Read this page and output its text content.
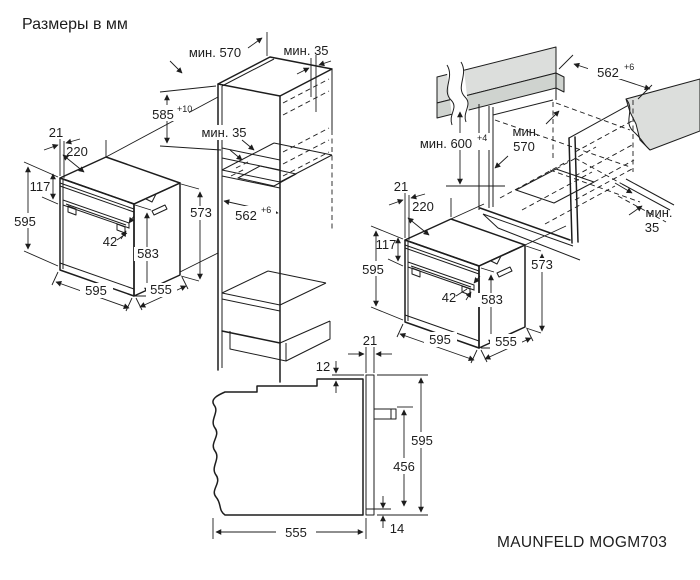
Размеры в мм
21
220
117
595
42
583
573
595	555
мин. 570	мин. 35
585 +10
мин. 35
562 +6
562 +6
мин. 600 +4 мин.
570
мин.
35
21
220
117
595
42 583
573
595	555
21
12
595
456
555	14
MAUNFELD MOGM703
